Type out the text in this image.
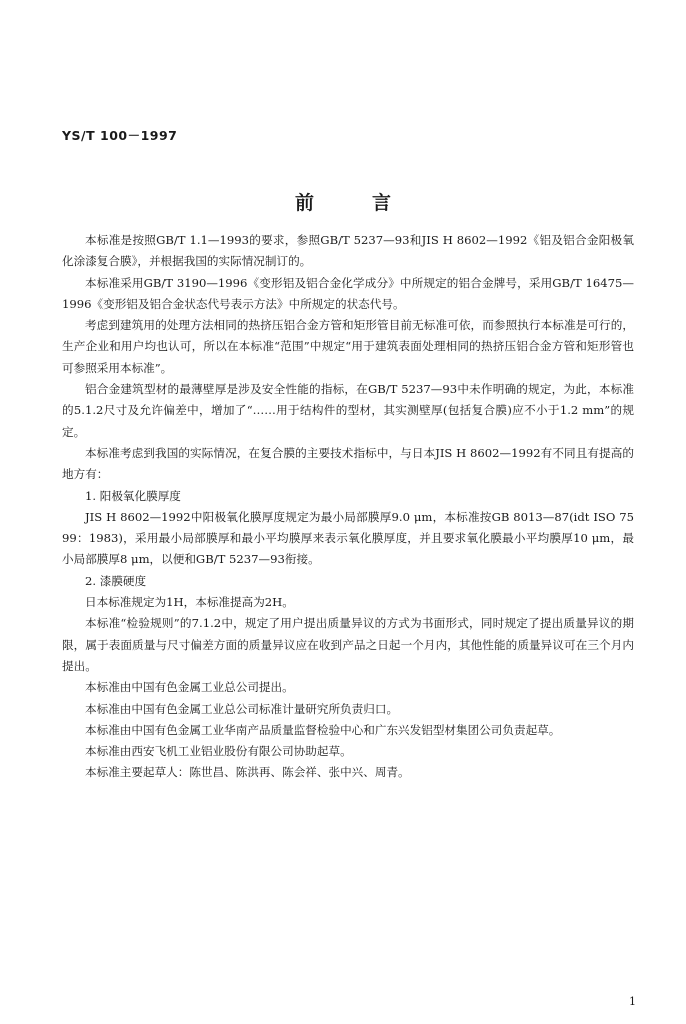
YS/T 100－1997
前言

本标准是按照GB/T 1.1—1993的要求，参照GB/T 5237—93和JIS H 8602—1992《铝及铝合金阳极氧化涂漆复合膜》，并根据我国的实际情况制订的。

本标准采用GB/T 3190—1996《变形铝及铝合金化学成分》中所规定的铝合金牌号，采用GB/T 16475—1996《变形铝及铝合金状态代号表示方法》中所规定的状态代号。

考虑到建筑用的处理方法相同的热挤压铝合金方管和矩形管目前无标准可依，而参照执行本标准是可行的，生产企业和用户均也认可，所以在本标准“范围”中规定“用于建筑表面处理相同的热挤压铝合金方管和矩形管也可参照采用本标准”。

铝合金建筑型材的最薄壁厚是涉及安全性能的指标，在GB/T 5237—93中未作明确的规定，为此，本标准的5.1.2尺寸及允许偏差中，增加了“……用于结构件的型材，其实测壁厚(包括复合膜)应不小于1.2 mm”的规定。

本标准考虑到我国的实际情况，在复合膜的主要技术指标中，与日本JIS H 8602—1992有不同且有提高的地方有：

1. 阳极氧化膜厚度

JIS H 8602—1992中阳极氧化膜厚度规定为最小局部膜厚9.0 μm，本标准按GB 8013—87(idt ISO 7599：1983)，采用最小局部膜厚和最小平均膜厚来表示氧化膜厚度，并且要求氧化膜最小平均膜厚10 μm，最小局部膜厚8 μm，以便和GB/T 5237—93衔接。

2. 漆膜硬度

日本标准规定为1H，本标准提高为2H。

本标准“检验规则”的7.1.2中，规定了用户提出质量异议的方式为书面形式，同时规定了提出质量异议的期限，属于表面质量与尺寸偏差方面的质量异议应在收到产品之日起一个月内，其他性能的质量异议可在三个月内提出。

本标准由中国有色金属工业总公司提出。

本标准由中国有色金属工业总公司标准计量研究所负责归口。

本标准由中国有色金属工业华南产品质量监督检验中心和广东兴发铝型材集团公司负责起草。

本标准由西安飞机工业铝业股份有限公司协助起草。

本标准主要起草人：陈世昌、陈洪再、陈会祥、张中兴、周青。

1
